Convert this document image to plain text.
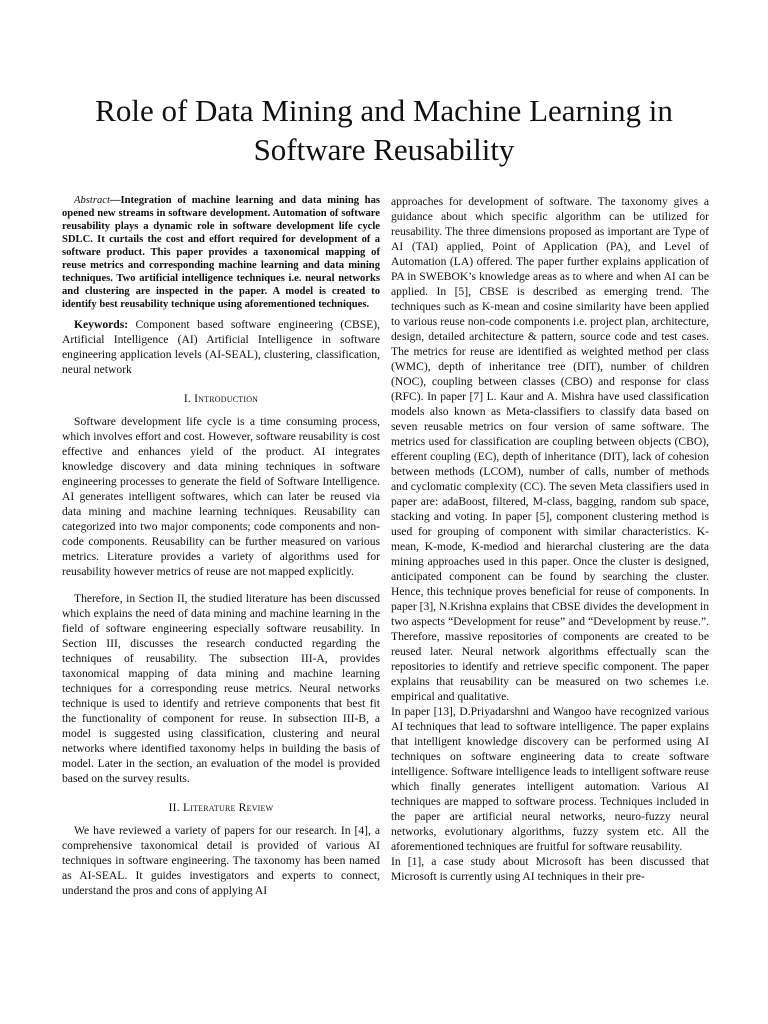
Role of Data Mining and Machine Learning in Software Reusability

Abstract—Integration of machine learning and data mining has opened new streams in software development. Automation of software reusability plays a dynamic role in software development life cycle SDLC. It curtails the cost and effort required for development of a software product. This paper provides a taxonomical mapping of reuse metrics and corresponding machine learning and data mining techniques. Two artificial intelligence techniques i.e. neural networks and clustering are inspected in the paper. A model is created to identify best reusability technique using aforementioned techniques.

Keywords: Component based software engineering (CBSE), Artificial Intelligence (AI) Artificial Intelligence in software engineering application levels (AI-SEAL), clustering, classification, neural network

I. Introduction

Software development life cycle is a time consuming process, which involves effort and cost. However, software reusability is cost effective and enhances yield of the product. AI integrates knowledge discovery and data mining techniques in software engineering processes to generate the field of Software Intelligence. AI generates intelligent softwares, which can later be reused via data mining and machine learning techniques. Reusability can categorized into two major components; code components and non-code components. Reusability can be further measured on various metrics. Literature provides a variety of algorithms used for reusability however metrics of reuse are not mapped explicitly.

Therefore, in Section II, the studied literature has been discussed which explains the need of data mining and machine learning in the field of software engineering especially software reusability. In Section III, discusses the research conducted regarding the techniques of reusability. The subsection III-A, provides taxonomical mapping of data mining and machine learning techniques for a corresponding reuse metrics. Neural networks technique is used to identify and retrieve components that best fit the functionality of component for reuse. In subsection III-B, a model is suggested using classification, clustering and neural networks where identified taxonomy helps in building the basis of model. Later in the section, an evaluation of the model is provided based on the survey results.

II. Literature Review

We have reviewed a variety of papers for our research. In [4], a comprehensive taxonomical detail is provided of various AI techniques in software engineering. The taxonomy has been named as AI-SEAL. It guides investigators and experts to connect, understand the pros and cons of applying AI

approaches for development of software. The taxonomy gives a guidance about which specific algorithm can be utilized for reusability. The three dimensions proposed as important are Type of AI (TAI) applied, Point of Application (PA), and Level of Automation (LA) offered. The paper further explains application of PA in SWEBOK’s knowledge areas as to where and when AI can be applied. In [5], CBSE is described as emerging trend. The techniques such as K-mean and cosine similarity have been applied to various reuse non-code components i.e. project plan, architecture, design, detailed architecture & pattern, source code and test cases. The metrics for reuse are identified as weighted method per class (WMC), depth of inheritance tree (DIT), number of children (NOC), coupling between classes (CBO) and response for class (RFC). In paper [7] L. Kaur and A. Mishra have used classification models also known as Meta-classifiers to classify data based on seven reusable metrics on four version of same software. The metrics used for classification are coupling between objects (CBO), efferent coupling (EC), depth of inheritance (DIT), lack of cohesion between methods (LCOM), number of calls, number of methods and cyclomatic complexity (CC). The seven Meta classifiers used in paper are: adaBoost, filtered, M-class, bagging, random sub space, stacking and voting. In paper [5], component clustering method is used for grouping of component with similar characteristics. K-mean, K-mode, K-mediod and hierarchal clustering are the data mining approaches used in this paper. Once the cluster is designed, anticipated component can be found by searching the cluster. Hence, this technique proves beneficial for reuse of components. In paper [3], N.Krishna explains that CBSE divides the development in two aspects “Development for reuse” and “Development by reuse.”. Therefore, massive repositories of components are created to be reused later. Neural network algorithms effectually scan the repositories to identify and retrieve specific component. The paper explains that reusability can be measured on two schemes i.e. empirical and qualitative.

In paper [13], D.Priyadarshni and Wangoo have recognized various AI techniques that lead to software intelligence. The paper explains that intelligent knowledge discovery can be performed using AI techniques on software engineering data to create software intelligence. Software intelligence leads to intelligent software reuse which finally generates intelligent automation. Various AI techniques are mapped to software process. Techniques included in the paper are artificial neural networks, neuro-fuzzy neural networks, evolutionary algorithms, fuzzy system etc. All the aforementioned techniques are fruitful for software reusability.

In [1], a case study about Microsoft has been discussed that Microsoft is currently using AI techniques in their pre-
